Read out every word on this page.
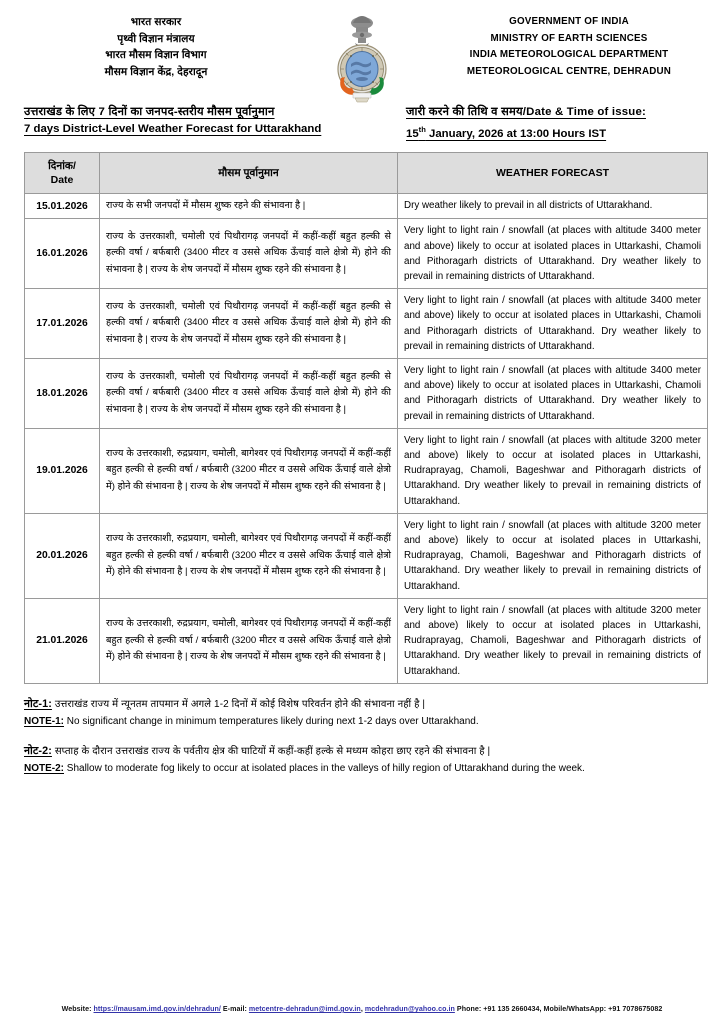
भारत सरकार
पृथ्वी विज्ञान मंत्रालय
भारत मौसम विज्ञान विभाग
मौसम विज्ञान केंद्र, देहरादून
GOVERNMENT OF INDIA
MINISTRY OF EARTH SCIENCES
INDIA METEOROLOGICAL DEPARTMENT
METEOROLOGICAL CENTRE, DEHRADUN
उत्तराखंड के लिए 7 दिनों का जनपद-स्तरीय मौसम पूर्वानुमान
7 days District-Level Weather Forecast for Uttarakhand
जारी करने की तिथि व समय/Date & Time of issue:
15th January, 2026 at 13:00 Hours IST
दिनांक/
Date	मौसम पूर्वानुमान	WEATHER FORECAST
15.01.2026	राज्य के सभी जनपदों में मौसम शुष्क रहने की संभावना है |	Dry weather likely to prevail in all districts of Uttarakhand.
16.01.2026	राज्य के उत्तरकाशी, चमोली एवं पिथौरागढ़ जनपदों में कहीं-कहीं बहुत हल्की से हल्की वर्षा / बर्फबारी (3400 मीटर व उससे अधिक ऊँचाई वाले क्षेत्रो में) होने की संभावना है | राज्य के शेष जनपदों में मौसम शुष्क रहने की संभावना है |	Very light to light rain / snowfall (at places with altitude 3400 meter and above) likely to occur at isolated places in Uttarkashi, Chamoli and Pithoragarh districts of Uttarakhand. Dry weather likely to prevail in remaining districts of Uttarakhand.
17.01.2026	राज्य के उत्तरकाशी, चमोली एवं पिथौरागढ़ जनपदों में कहीं-कहीं बहुत हल्की से हल्की वर्षा / बर्फबारी (3400 मीटर व उससे अधिक ऊँचाई वाले क्षेत्रो में) होने की संभावना है | राज्य के शेष जनपदों में मौसम शुष्क रहने की संभावना है |	Very light to light rain / snowfall (at places with altitude 3400 meter and above) likely to occur at isolated places in Uttarkashi, Chamoli and Pithoragarh districts of Uttarakhand. Dry weather likely to prevail in remaining districts of Uttarakhand.
18.01.2026	राज्य के उत्तरकाशी, चमोली एवं पिथौरागढ़ जनपदों में कहीं-कहीं बहुत हल्की से हल्की वर्षा / बर्फबारी (3400 मीटर व उससे अधिक ऊँचाई वाले क्षेत्रो में) होने की संभावना है | राज्य के शेष जनपदों में मौसम शुष्क रहने की संभावना है |	Very light to light rain / snowfall (at places with altitude 3400 meter and above) likely to occur at isolated places in Uttarkashi, Chamoli and Pithoragarh districts of Uttarakhand. Dry weather likely to prevail in remaining districts of Uttarakhand.
19.01.2026	राज्य के उत्तरकाशी, रुद्रप्रयाग, चमोली, बागेश्वर एवं पिथौरागढ़ जनपदों में कहीं-कहीं बहुत हल्की से हल्की वर्षा / बर्फबारी (3200 मीटर व उससे अधिक ऊँचाई वाले क्षेत्रो में) होने की संभावना है | राज्य के शेष जनपदों में मौसम शुष्क रहने की संभावना है |	Very light to light rain / snowfall (at places with altitude 3200 meter and above) likely to occur at isolated places in Uttarkashi, Rudraprayag, Chamoli, Bageshwar and Pithoragarh districts of Uttarakhand. Dry weather likely to prevail in remaining districts of Uttarakhand.
20.01.2026	राज्य के उत्तरकाशी, रुद्रप्रयाग, चमोली, बागेश्वर एवं पिथौरागढ़ जनपदों में कहीं-कहीं बहुत हल्की से हल्की वर्षा / बर्फबारी (3200 मीटर व उससे अधिक ऊँचाई वाले क्षेत्रो में) होने की संभावना है | राज्य के शेष जनपदों में मौसम शुष्क रहने की संभावना है |	Very light to light rain / snowfall (at places with altitude 3200 meter and above) likely to occur at isolated places in Uttarkashi, Rudraprayag, Chamoli, Bageshwar and Pithoragarh districts of Uttarakhand. Dry weather likely to prevail in remaining districts of Uttarakhand.
21.01.2026	राज्य के उत्तरकाशी, रुद्रप्रयाग, चमोली, बागेश्वर एवं पिथौरागढ़ जनपदों में कहीं-कहीं बहुत हल्की से हल्की वर्षा / बर्फबारी (3200 मीटर व उससे अधिक ऊँचाई वाले क्षेत्रो में) होने की संभावना है | राज्य के शेष जनपदों में मौसम शुष्क रहने की संभावना है |	Very light to light rain / snowfall (at places with altitude 3200 meter and above) likely to occur at isolated places in Uttarkashi, Rudraprayag, Chamoli, Bageshwar and Pithoragarh districts of Uttarakhand. Dry weather likely to prevail in remaining districts of Uttarakhand.
नोट-1: उत्तराखंड राज्य में न्यूनतम तापमान में अगले 1-2 दिनों में कोई विशेष परिवर्तन होने की संभावना नहीं है |
NOTE-1: No significant change in minimum temperatures likely during next 1-2 days over Uttarakhand.
नोट-2: सप्ताह के दौरान उत्तराखंड राज्य के पर्वतीय क्षेत्र की घाटियों में कहीं-कहीं हल्के से मध्यम कोहरा छाए रहने की संभावना है |
NOTE-2: Shallow to moderate fog likely to occur at isolated places in the valleys of hilly region of Uttarakhand during the week.
Website: https://mausam.imd.gov.in/dehradun/ E-mail: metcentre-dehradun@imd.gov.in, mcdehradun@yahoo.co.in Phone: +91 135 2660434, Mobile/WhatsApp: +91 7078675082
